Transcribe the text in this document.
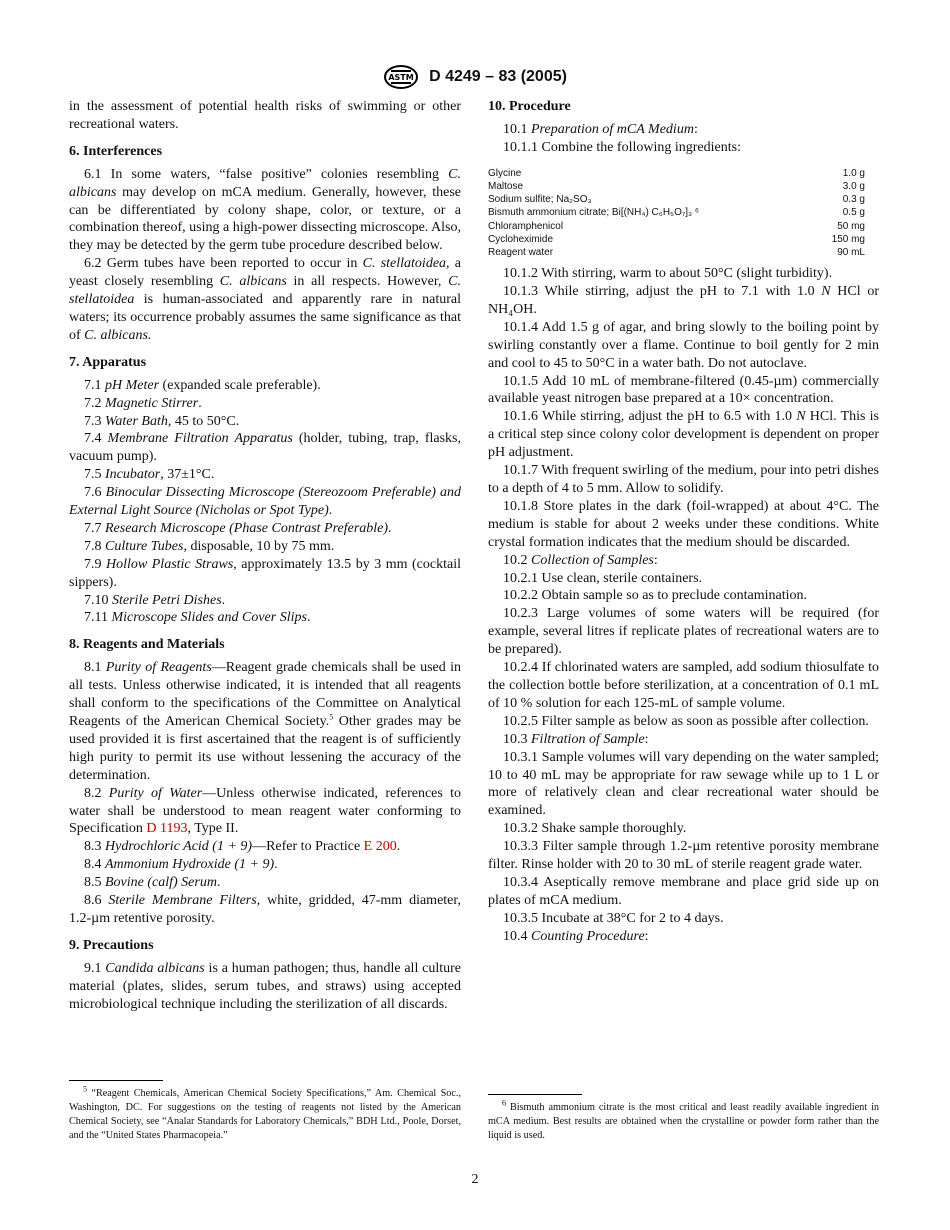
ASTM D 4249 – 83 (2005)

in the assessment of potential health risks of swimming or other recreational waters.

6. Interferences

6.1 In some waters, “false positive” colonies resembling C. albicans may develop on mCA medium. Generally, however, these can be differentiated by colony shape, color, or texture, or a combination thereof, using a high-power dissecting microscope. Also, they may be detected by the germ tube procedure described below.

6.2 Germ tubes have been reported to occur in C. stellatoidea, a yeast closely resembling C. albicans in all respects. However, C. stellatoidea is human-associated and apparently rare in natural waters; its occurrence probably assumes the same significance as that of C. albicans.

7. Apparatus

7.1 pH Meter (expanded scale preferable).

7.2 Magnetic Stirrer.

7.3 Water Bath, 45 to 50°C.

7.4 Membrane Filtration Apparatus (holder, tubing, trap, flasks, vacuum pump).

7.5 Incubator, 37±1°C.

7.6 Binocular Dissecting Microscope (Stereozoom Preferable) and External Light Source (Nicholas or Spot Type).

7.7 Research Microscope (Phase Contrast Preferable).

7.8 Culture Tubes, disposable, 10 by 75 mm.

7.9 Hollow Plastic Straws, approximately 13.5 by 3 mm (cocktail sippers).

7.10 Sterile Petri Dishes.

7.11 Microscope Slides and Cover Slips.

8. Reagents and Materials

8.1 Purity of Reagents—Reagent grade chemicals shall be used in all tests. Unless otherwise indicated, it is intended that all reagents shall conform to the specifications of the Committee on Analytical Reagents of the American Chemical Society.$^5$ Other grades may be used provided it is first ascertained that the reagent is of sufficiently high purity to permit its use without lessening the accuracy of the determination.

8.2 Purity of Water—Unless otherwise indicated, references to water shall be understood to mean reagent water conforming to Specification D 1193, Type II.

8.3 Hydrochloric Acid (1 + 9)—Refer to Practice E 200.

8.4 Ammonium Hydroxide (1 + 9).

8.5 Bovine (calf) Serum.

8.6 Sterile Membrane Filters, white, gridded, 47-mm diameter, 1.2-µm retentive porosity.

9. Precautions

9.1 Candida albicans is a human pathogen; thus, handle all culture material (plates, slides, serum tubes, and straws) using accepted microbiological technique including the sterilization of all discards.

10. Procedure

10.1 Preparation of mCA Medium:

10.1.1 Combine the following ingredients:

Glycine	1.0 g
Maltose	3.0 g
Sodium sulfite; Na₂SO₃	0.3 g
Bismuth ammonium citrate; Bi[(NH₄) C₆H₅O₇]₃ ⁶	0.5 g
Chloramphenicol	50 mg
Cycloheximide	150 mg
Reagent water	90 mL

10.1.2 With stirring, warm to about 50°C (slight turbidity).

10.1.3 While stirring, adjust the pH to 7.1 with 1.0 N HCl or NH₄OH.

10.1.4 Add 1.5 g of agar, and bring slowly to the boiling point by swirling constantly over a flame. Continue to boil gently for 2 min and cool to 45 to 50°C in a water bath. Do not autoclave.

10.1.5 Add 10 mL of membrane-filtered (0.45-µm) commercially available yeast nitrogen base prepared at a 10× concentration.

10.1.6 While stirring, adjust the pH to 6.5 with 1.0 N HCl. This is a critical step since colony color development is dependent on proper pH adjustment.

10.1.7 With frequent swirling of the medium, pour into petri dishes to a depth of 4 to 5 mm. Allow to solidify.

10.1.8 Store plates in the dark (foil-wrapped) at about 4°C. The medium is stable for about 2 weeks under these conditions. White crystal formation indicates that the medium should be discarded.

10.2 Collection of Samples:

10.2.1 Use clean, sterile containers.

10.2.2 Obtain sample so as to preclude contamination.

10.2.3 Large volumes of some waters will be required (for example, several litres if replicate plates of recreational waters are to be prepared).

10.2.4 If chlorinated waters are sampled, add sodium thiosulfate to the collection bottle before sterilization, at a concentration of 0.1 mL of 10 % solution for each 125-mL of sample volume.

10.2.5 Filter sample as below as soon as possible after collection.

10.3 Filtration of Sample:

10.3.1 Sample volumes will vary depending on the water sampled; 10 to 40 mL may be appropriate for raw sewage while up to 1 L or more of relatively clean and clear recreational water should be examined.

10.3.2 Shake sample thoroughly.

10.3.3 Filter sample through 1.2-µm retentive porosity membrane filter. Rinse holder with 20 to 30 mL of sterile reagent grade water.

10.3.4 Aseptically remove membrane and place grid side up on plates of mCA medium.

10.3.5 Incubate at 38°C for 2 to 4 days.

10.4 Counting Procedure:

$^5$ “Reagent Chemicals, American Chemical Society Specifications,” Am. Chemical Soc., Washington, DC. For suggestions on the testing of reagents not listed by the American Chemical Society, see “Analar Standards for Laboratory Chemicals,” BDH Ltd., Poole, Dorset, and the “United States Pharmacopeia.”

$^6$ Bismuth ammonium citrate is the most critical and least readily available ingredient in mCA medium. Best results are obtained when the crystalline or powder form rather than the liquid is used.

2
